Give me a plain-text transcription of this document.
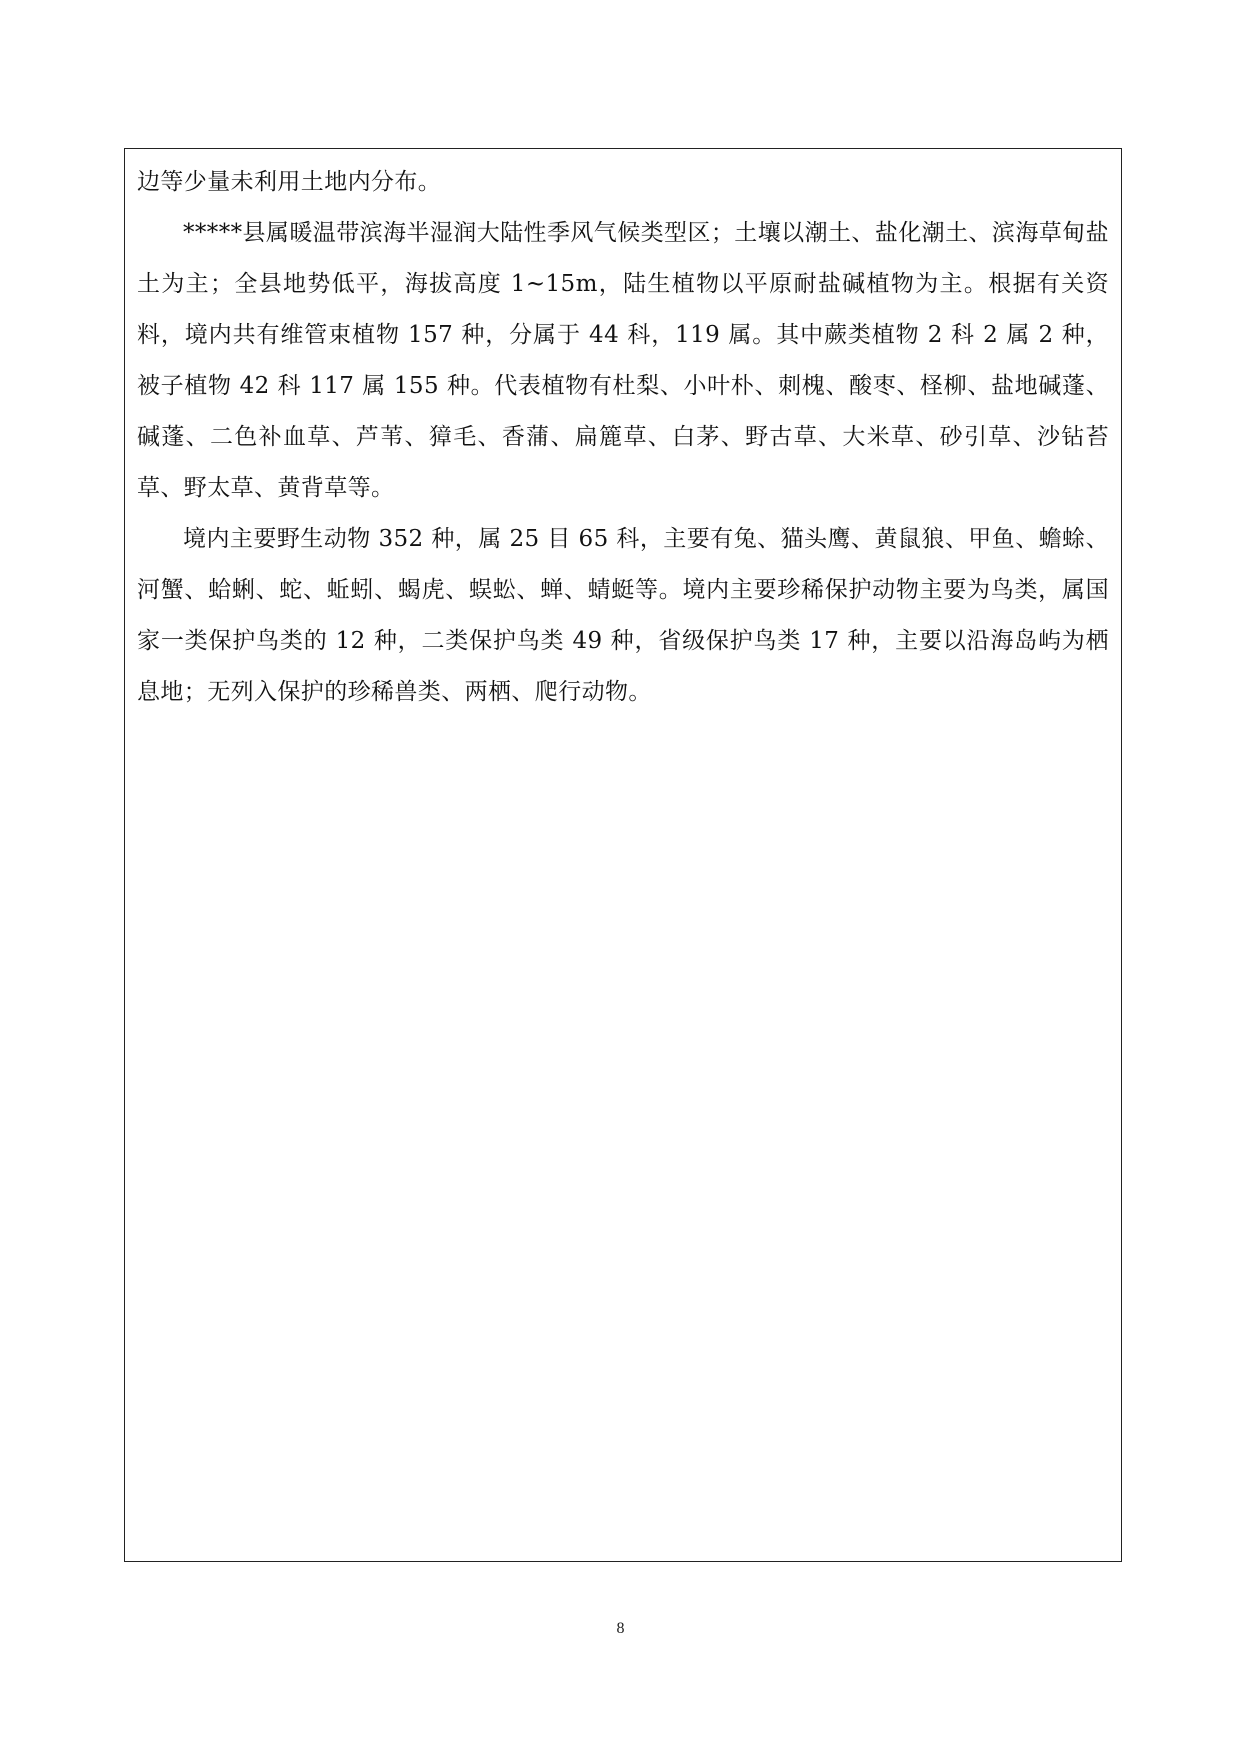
边等少量未利用土地内分布。

*****县属暖温带滨海半湿润大陆性季风气候类型区；土壤以潮土、盐化潮土、滨海草甸盐土为主；全县地势低平，海拔高度 1~15m，陆生植物以平原耐盐碱植物为主。根据有关资料，境内共有维管束植物 157 种，分属于 44 科，119 属。其中蕨类植物 2 科 2 属 2 种，被子植物 42 科 117 属 155 种。代表植物有杜梨、小叶朴、刺槐、酸枣、柽柳、盐地碱蓬、碱蓬、二色补血草、芦苇、獐毛、香蒲、扁簏草、白茅、野古草、大米草、砂引草、沙钻苔草、野太草、黄背草等。

境内主要野生动物 352 种，属 25 目 65 科，主要有兔、猫头鹰、黄鼠狼、甲鱼、蟾蜍、河蟹、蛤蜊、蛇、蚯蚓、蝎虎、蜈蚣、蝉、蜻蜓等。境内主要珍稀保护动物主要为鸟类，属国家一类保护鸟类的 12 种，二类保护鸟类 49 种，省级保护鸟类 17 种，主要以沿海岛屿为栖息地；无列入保护的珍稀兽类、两栖、爬行动物。

8
